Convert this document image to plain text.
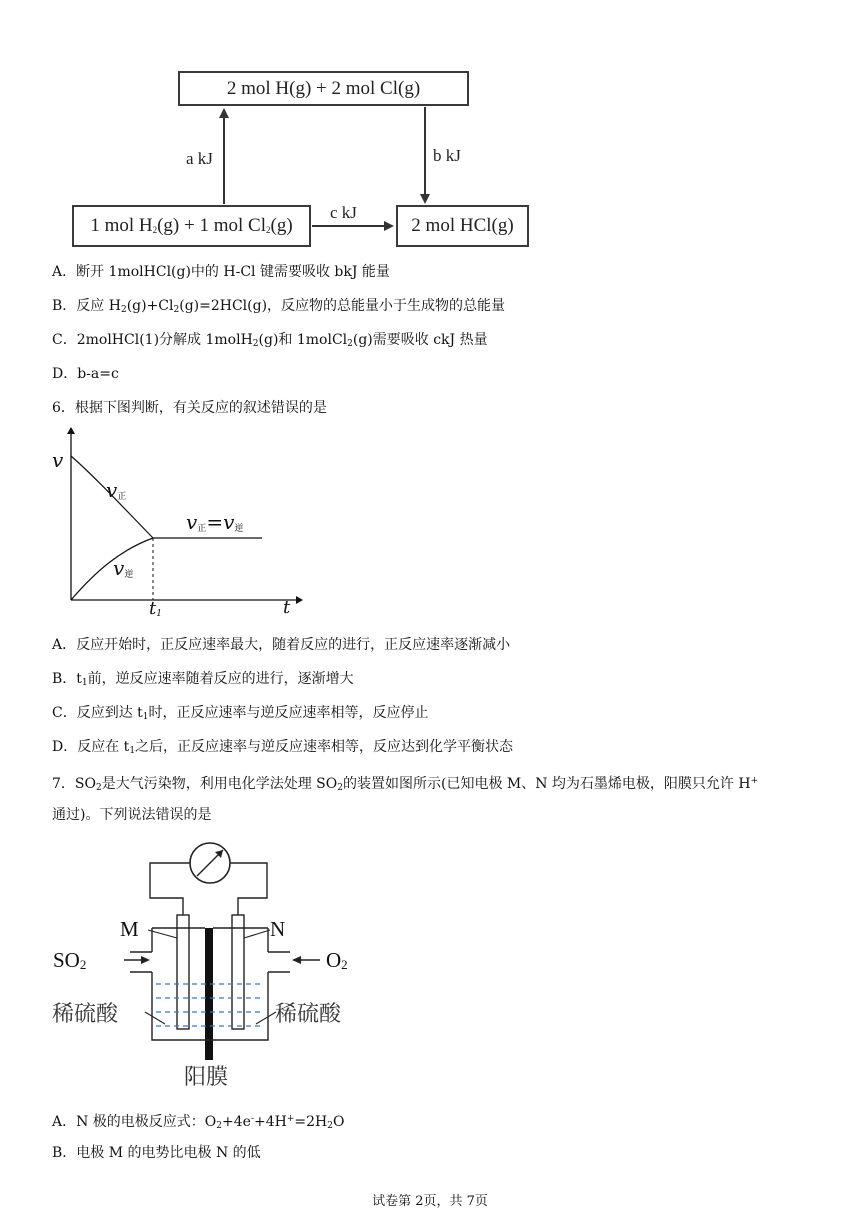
2 mol H(g) + 2 mol Cl(g)
1 mol $H_2(g) + 1$ mol $Cl_2(g)$	2 mol HCl(g)
a kJ	b kJ
c kJ
A．断开 1molHCl(g)中的 H-Cl 键需要吸收 bkJ 能量
B．反应 $H_2(g)+Cl_2(g)=2HCl(g)$，反应物的总能量小于生成物的总能量
C．2molHCl(1)分解成 1molH$_2$(g)和 1molCl$_2$(g)需要吸收 ckJ 热量
D．b-a=c
6．根据下图判断，有关反应的叙述错误的是
v
t
$t_1$
$v_正$
$v_逆$
$v_正=v_逆$
A．反应开始时，正反应速率最大，随着反应的进行，正反应速率逐渐减小
B．$t_1$前，逆反应速率随着反应的进行，逐渐增大
C．反应到达 $t_1$时，正反应速率与逆反应速率相等，反应停止
D．反应在 $t_1$之后，正反应速率与逆反应速率相等，反应达到化学平衡状态
7．$SO_2$是大气污染物，利用电化学法处理 $SO_2$的装置如图所示(已知电极 M、N 均为石墨烯电极，阳膜只允许 H+
通过)。下列说法错误的是
M	N
$SO_2$	$O_2$
稀硫酸	稀硫酸
阳膜
A．N 极的电极反应式：$O_2+4e^-+4H^+=2H_2O$
B．电极 M 的电势比电极 N 的低
试卷第 2页，共 7页
